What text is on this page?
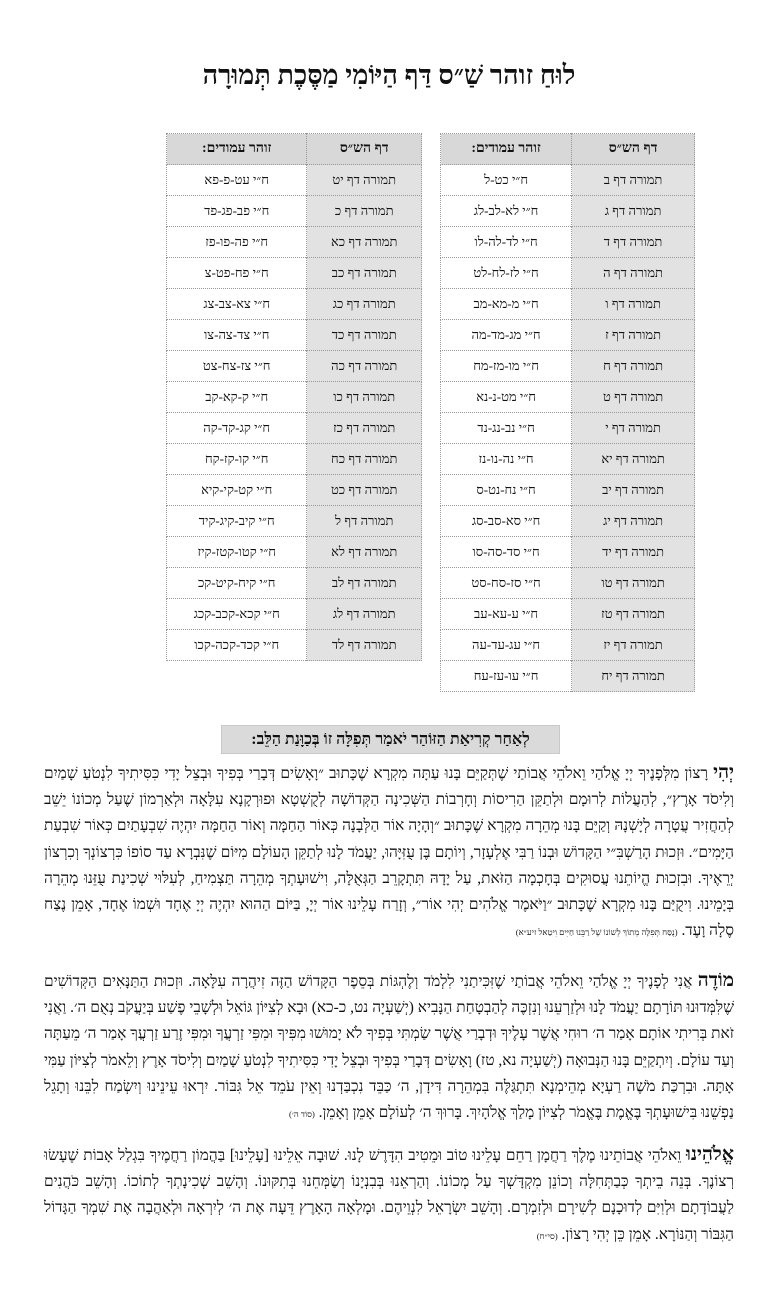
לוּחַ זוהר שַׁ״ס דַּף הַיּוֹמִי מַסֶּכֶת תְּמוּרָה
דף הש״ס	זוהר עמודים:
תמורה דף ב	ח״י כט-ל
תמורה דף ג	ח״י לא-לב-לג
תמורה דף ד	ח״י לד-לה-לו
תמורה דף ה	ח״י לז-לח-לט
תמורה דף ו	ח״י מ-מא-מב
תמורה דף ז	ח״י מג-מד-מה
תמורה דף ח	ח״י מו-מז-מח
תמורה דף ט	ח״י מט-נ-נא
תמורה דף י	ח״י נב-נג-נד
תמורה דף יא	ח״י נה-נו-נז
תמורה דף יב	ח״י נח-נט-ס
תמורה דף יג	ח״י סא-סב-סג
תמורה דף יד	ח״י סד-סה-סו
תמורה דף טו	ח״י סז-סח-סט
תמורה דף טז	ח״י ע-עא-עב
תמורה דף יז	ח״י עג-עד-עה
תמורה דף יח	ח״י עו-עז-עח
דף הש״ס	זוהר עמודים:
תמורה דף יט	ח״י עט-פ-פא
תמורה דף כ	ח״י פב-פג-פד
תמורה דף כא	ח״י פה-פו-פז
תמורה דף כב	ח״י פח-פט-צ
תמורה דף כג	ח״י צא-צב-צג
תמורה דף כד	ח״י צד-צה-צו
תמורה דף כה	ח״י צז-צח-צט
תמורה דף כו	ח״י ק-קא-קב
תמורה דף כז	ח״י קג-קד-קה
תמורה דף כח	ח״י קו-קז-קח
תמורה דף כט	ח״י קט-קי-קיא
תמורה דף ל	ח״י קיב-קיג-קיד
תמורה דף לא	ח״י קטו-קטז-קיז
תמורה דף לב	ח״י קיח-קיט-קכ
תמורה דף לג	ח״י קכא-קכב-קכג
תמורה דף לד	ח״י קכד-קכה-קכו
לְאַחַר קְרִיאַת הַזּוֹהַר יֹאמַר תְּפִלָּה זוֹ בְּכַוָּנַת הַלֵּב:
יְהִי רָצוֹן מִלְּפָנֶיךָ יְיָ אֱלֹהַי וֵאלֹהֵי אֲבוֹתַי שֶׁתְּקַיֵּם בָּנוּ עַתָּה מִקְרָא שֶׁכָּתוּב ״וָאָשִׂים דְּבָרַי בְּפִיךָ וּבְצֵל יָדִי כִּסִּיתִיךָ לִנְטֹעַ שָׁמַיִם וְלִיסֹד אָרֶץ״, לְהַעֲלוֹת לְרוּמָם וּלְתַקֵּן הַרִיסוֹת וְחָרְבוֹת הַשְּׁכִינָה הַקְּדוֹשָׁה לְקֻשְׁטָא וּפוּרְקָנָא עִלָּאָה וּלְאַרְמוֹן שֶׁעַל מְכוֹנוֹ יֵשֵׁב לְהַחֲזִיר עֲטָרָה לְיָשְׁנָהּ וְקַיֵּם בָּנוּ מְהֵרָה מִקְרָא שֶׁכָּתוּב ״וְהָיָה אוֹר הַלְּבָנָה כְּאוֹר הַחַמָּה וְאוֹר הַחַמָּה יִהְיֶה שִׁבְעָתַיִם כְּאוֹר שִׁבְעַת הַיָּמִים״. וּזְכוּת הָרַשְׁבִּ״י הַקָּדוֹשׁ וּבְנוֹ רַבִּי אֶלְעָזָר, וְיוֹתָם בֶּן עֻזִּיָּהוּ, יַעֲמֹד לָנוּ לְתַקֵּן הָעוֹלָם מִיּוֹם שֶׁנִּבְרָא עַד סוֹפוֹ כִּרְצוֹנְךָ וְכִרְצוֹן יְרֵאֶיךָ. וּבִזְכוּת הֱיוֹתֵנוּ עֲסוּקִים בְּחָכְמָה הַזֹּאת, עַל יָדָהּ תִּתְקָרֵב הַגְּאֻלָּה, וִישׁוּעָתְךָ מְהֵרָה תַּצְמִיחַ, לְעִלּוּי שְׁכִינַת עֻזֵּנוּ מְהֵרָה בְּיָמֵינוּ. וִיקֻיַּם בָּנוּ מִקְרָא שֶׁכָּתוּב ״וַיֹּאמֶר אֱלֹהִים יְהִי אוֹר״, וְזָרַח עָלֵינוּ אוֹר יְיָ, בַּיּוֹם הַהוּא יִהְיֶה יְיָ אֶחָד וּשְׁמוֹ אֶחָד, אָמֵן נֶצַח סֶלָה וָעֶד. (נֻסַּח תְּפִלָּה מְתוֹךְ לְשׁוֹנוֹ שֶׁל רַבֵּנוּ חַיִּים וִיטַאל זיע״א)
מוֹדֶה אֲנִי לְפָנֶיךָ יְיָ אֱלֹהַי וֵאלֹהֵי אֲבוֹתַי שֶׁזִּכִּיתַנִי לִלְמֹד וְלֶהְגּוֹת בְּסֵפֶר הַקָּדוֹשׁ הַזֶּה זִיהֲרָה עִלָּאָה. וּזְכוּת הַתַּנָּאִים הַקְּדוֹשִׁים שֶׁלִּמְּדוּנוּ תּוֹרָתָם יַעֲמֹד לָנוּ וּלְזַרְעֵנוּ וְנִזְכֶּה לְהַבְטָחַת הַנָּבִיא (יְשַׁעְיָה נט, כ-כא) וּבָא לְצִיּוֹן גּוֹאֵל וּלְשָׁבֵי פֶשַׁע בְּיַעֲקֹב נְאֻם ה׳. וַאֲנִי זֹאת בְּרִיתִי אוֹתָם אָמַר ה׳ רוּחִי אֲשֶׁר עָלֶיךָ וּדְבָרַי אֲשֶׁר שַׂמְתִּי בְּפִיךָ לֹא יָמוּשׁוּ מִפִּיךָ וּמִפִּי זַרְעֲךָ וּמִפִּי זֶרַע זַרְעֲךָ אָמַר ה׳ מֵעַתָּה וְעַד עוֹלָם. וְיִתְקַיֵּם בָּנוּ הַנְּבוּאָה (יְשַׁעְיָה נא, טז) וָאָשִׂים דְּבָרַי בְּפִיךָ וּבְצֵל יָדִי כִּסִּיתִיךָ לִנְטֹעַ שָׁמַיִם וְלִיסֹד אָרֶץ וְלֵאמֹר לְצִיּוֹן עַמִּי אָתָּה. וּבִרְכַּת מֹשֶׁה רַעְיָא מְהֵימְנָא תִּתְגַּלֶּה בִּמְהֵרָה דִּידָן, ה׳ כַּבֵּד נִכְבַּדְנוּ וְאֵין עֹמֵד אֵל גִּבּוֹר. יִרְאוּ עֵינֵינוּ וְיִשְׂמַח לִבֵּנוּ וְתָגֵל נַפְשֵׁנוּ בִּישׁוּעָתְךָ בֶּאֱמֶת בֶּאֱמֹר לְצִיּוֹן מָלַךְ אֱלֹהָיִךְ. בָּרוּךְ ה׳ לְעוֹלָם אָמֵן וְאָמֵן. (סוֹד ה׳)
אֱלֹהֵינוּ וֵאלֹהֵי אֲבוֹתֵינוּ מֶלֶךְ רַחֲמָן רַחֵם עָלֵינוּ טוֹב וּמֵטִיב הִדָּרֶשׁ לָנוּ. שׁוּבָה אֵלֵינוּ [עָלֵינוּ] בַּהֲמוֹן רַחֲמֶיךָ בִּגְלַל אָבוֹת שֶׁעָשׂוּ רְצוֹנֶךָ. בְּנֵה בֵיתְךָ כְּבַתְּחִלָּה וְכוֹנֵן מִקְדָּשְׁךָ עַל מְכוֹנוֹ. וְהַרְאֵנוּ בְּבִנְיָנוֹ וְשַׂמְּחֵנוּ בְּתִקּוּנוֹ. וְהָשֵׁב שְׁכִינָתְךָ לְתוֹכוֹ. וְהָשֵׁב כֹּהֲנִים לַעֲבוֹדָתָם וּלְוִיִּם לְדוּכָנָם לְשִׁירָם וּלְזִמְרָם. וְהָשֵׁב יִשְׂרָאֵל לִנְוֵיהֶם. וּמָלְאָה הָאָרֶץ דֵּעָה אֶת ה׳ לְיִרְאָה וּלְאַהֲבָה אֶת שִׁמְךָ הַגָּדוֹל הַגִּבּוֹר וְהַנּוֹרָא. אָמֵן כֵּן יְהִי רָצוֹן. (סי״ח)
